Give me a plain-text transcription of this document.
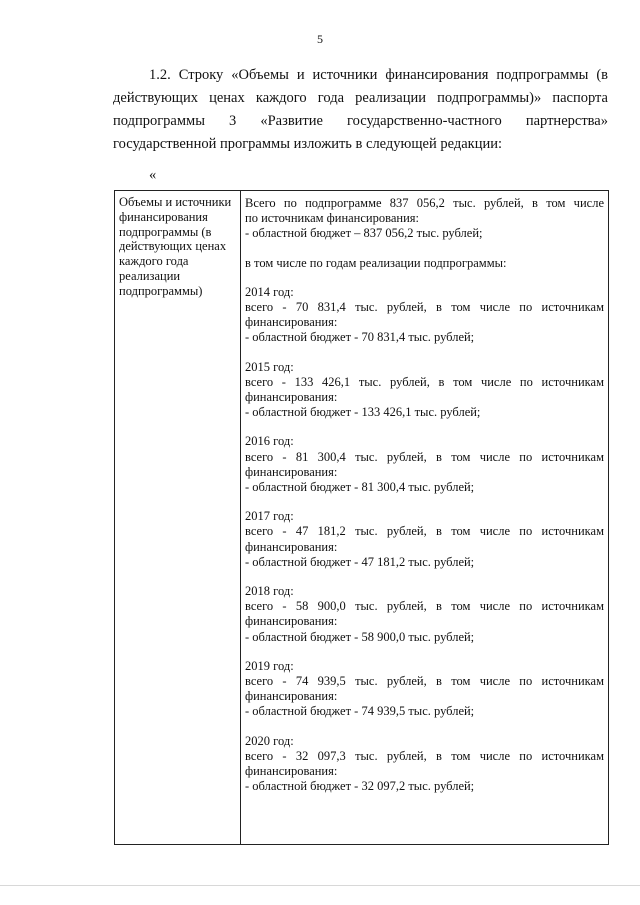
5

1.2. Строку «Объемы и источники финансирования подпрограммы (в действующих ценах каждого года реализации подпрограммы)» паспорта подпрограммы 3 «Развитие государственно-частного партнерства» государственной программы изложить в следующей редакции:

«
Объемы и источники финансирования подпрограммы (в действующих ценах каждого года реализации подпрограммы)
Всего по подпрограмме 837 056,2 тыс. рублей, в том числе
по источникам финансирования:
- областной бюджет – 837 056,2 тыс. рублей;
в том числе по годам реализации подпрограммы:
2014 год:
всего - 70 831,4 тыс. рублей, в том числе по источникам
финансирования:
- областной бюджет - 70 831,4 тыс. рублей;
2015 год:
всего - 133 426,1 тыс. рублей, в том числе по источникам
финансирования:
- областной бюджет - 133 426,1 тыс. рублей;
2016 год:
всего - 81 300,4 тыс. рублей, в том числе по источникам
финансирования:
- областной бюджет - 81 300,4 тыс. рублей;
2017 год:
всего - 47 181,2 тыс. рублей, в том числе по источникам
финансирования:
- областной бюджет - 47 181,2 тыс. рублей;
2018 год:
всего - 58 900,0 тыс. рублей, в том числе по источникам
финансирования:
- областной бюджет - 58 900,0 тыс. рублей;
2019 год:
всего - 74 939,5 тыс. рублей, в том числе по источникам
финансирования:
- областной бюджет - 74 939,5 тыс. рублей;
2020 год:
всего - 32 097,3 тыс. рублей, в том числе по источникам
финансирования:
- областной бюджет - 32 097,2 тыс. рублей;
